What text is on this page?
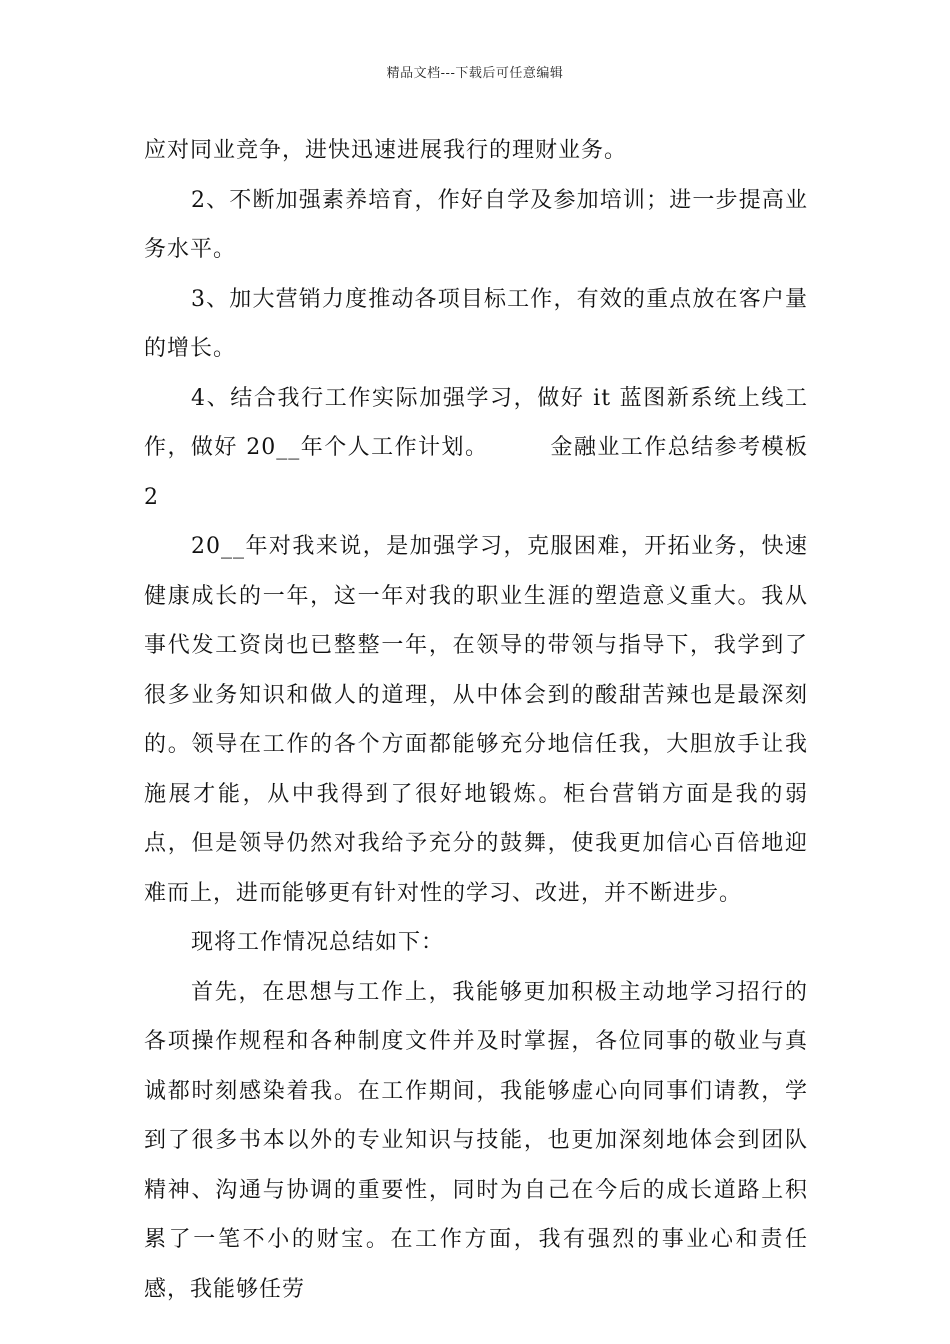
精品文档---下载后可任意编辑

应对同业竞争，进快迅速进展我行的理财业务。

2、不断加强素养培育，作好自学及参加培训；进一步提高业务水平。

3、加大营销力度推动各项目标工作，有效的重点放在客户量的增长。

4、结合我行工作实际加强学习，做好 it 蓝图新系统上线工作，做好 20__年个人工作计划。	金融业工作总结参考模板 2

20__年对我来说，是加强学习，克服困难，开拓业务，快速健康成长的一年，这一年对我的职业生涯的塑造意义重大。我从事代发工资岗也已整整一年，在领导的带领与指导下，我学到了很多业务知识和做人的道理，从中体会到的酸甜苦辣也是最深刻的。领导在工作的各个方面都能够充分地信任我，大胆放手让我施展才能，从中我得到了很好地锻炼。柜台营销方面是我的弱点，但是领导仍然对我给予充分的鼓舞，使我更加信心百倍地迎难而上，进而能够更有针对性的学习、改进，并不断进步。

现将工作情况总结如下：

首先，在思想与工作上，我能够更加积极主动地学习招行的各项操作规程和各种制度文件并及时掌握，各位同事的敬业与真诚都时刻感染着我。在工作期间，我能够虚心向同事们请教，学到了很多书本以外的专业知识与技能，也更加深刻地体会到团队精神、沟通与协调的重要性，同时为自己在今后的成长道路上积累了一笔不小的财宝。在工作方面，我有强烈的事业心和责任感，我能够任劳
